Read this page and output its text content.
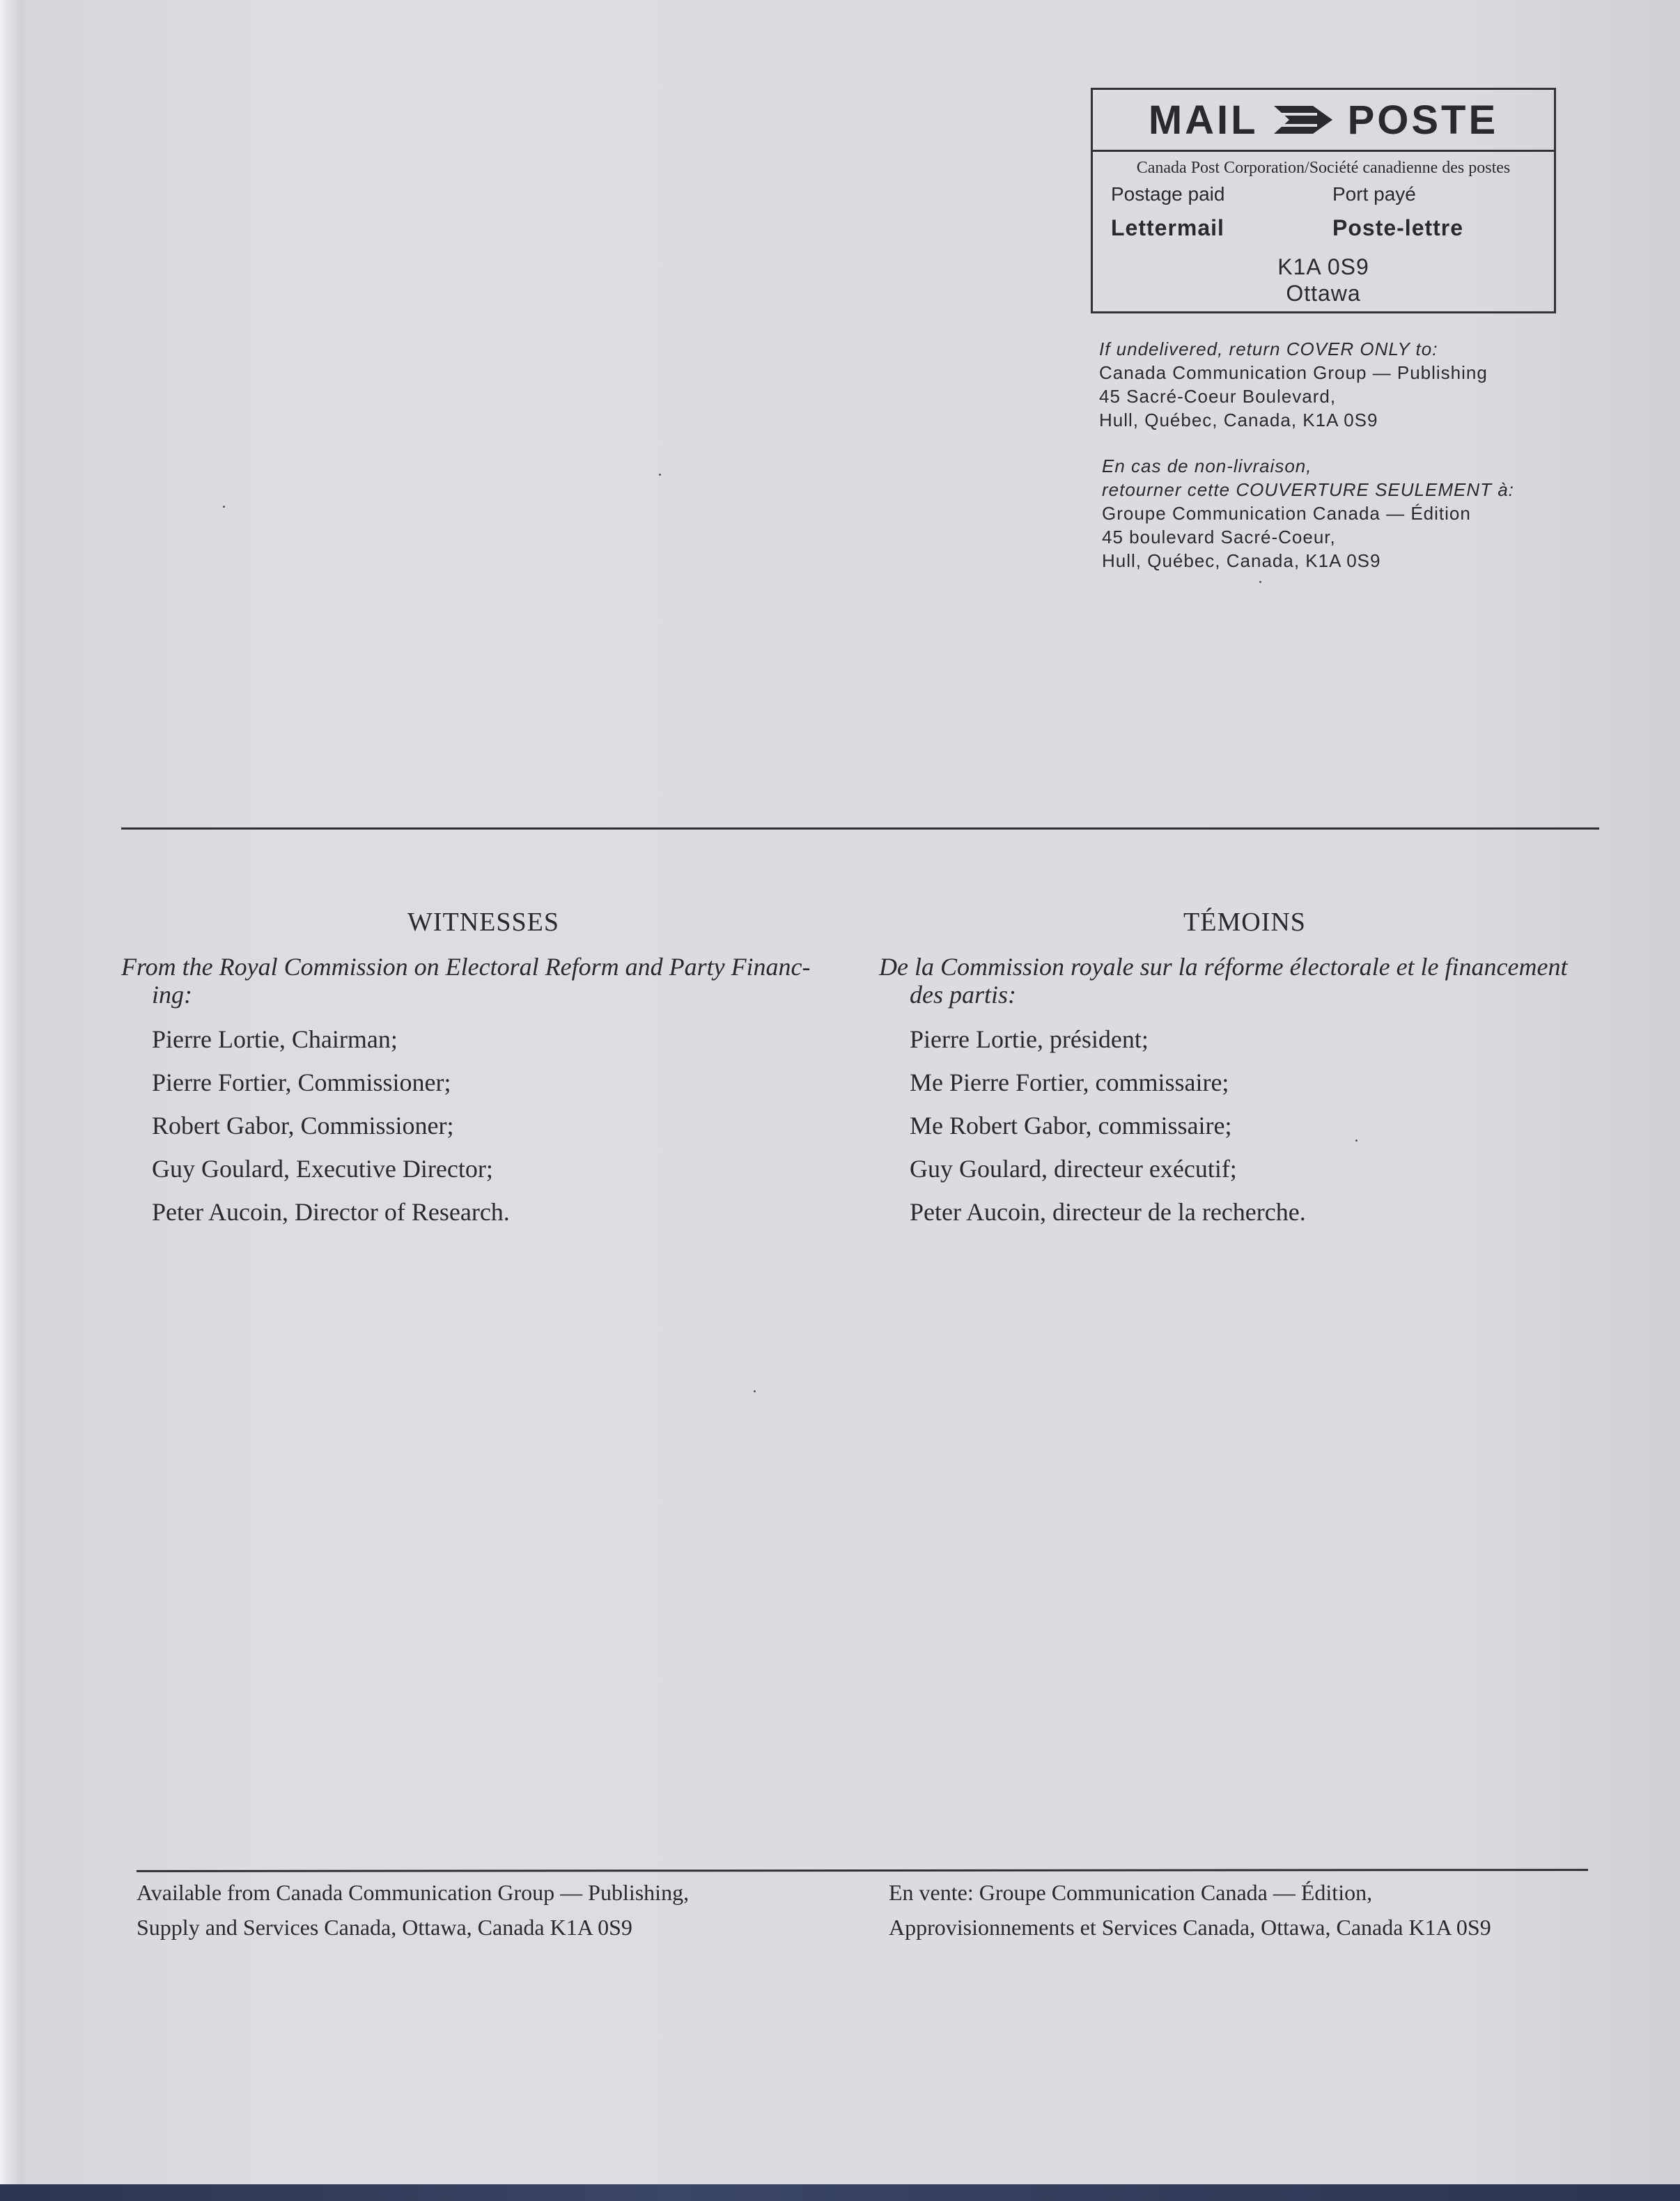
MAIL POSTE
Canada Post Corporation/Société canadienne des postes
Postage paid	Port payé
Lettermail	Poste-lettre
K1A 0S9
Ottawa
If undelivered, return COVER ONLY to:
Canada Communication Group — Publishing
45 Sacré-Coeur Boulevard,
Hull, Québec, Canada, K1A 0S9
En cas de non-livraison,
retourner cette COUVERTURE SEULEMENT à:
Groupe Communication Canada — Édition
45 boulevard Sacré-Coeur,
Hull, Québec, Canada, K1A 0S9
WITNESSES
From the Royal Commission on Electoral Reform and Party Financ-
ing:
Pierre Lortie, Chairman;
Pierre Fortier, Commissioner;
Robert Gabor, Commissioner;
Guy Goulard, Executive Director;
Peter Aucoin, Director of Research.
TÉMOINS
De la Commission royale sur la réforme électorale et le financement
des partis:
Pierre Lortie, président;
Me Pierre Fortier, commissaire;
Me Robert Gabor, commissaire;
Guy Goulard, directeur exécutif;
Peter Aucoin, directeur de la recherche.
Available from Canada Communication Group — Publishing,
Supply and Services Canada, Ottawa, Canada K1A 0S9
En vente: Groupe Communication Canada — Édition,
Approvisionnements et Services Canada, Ottawa, Canada K1A 0S9
